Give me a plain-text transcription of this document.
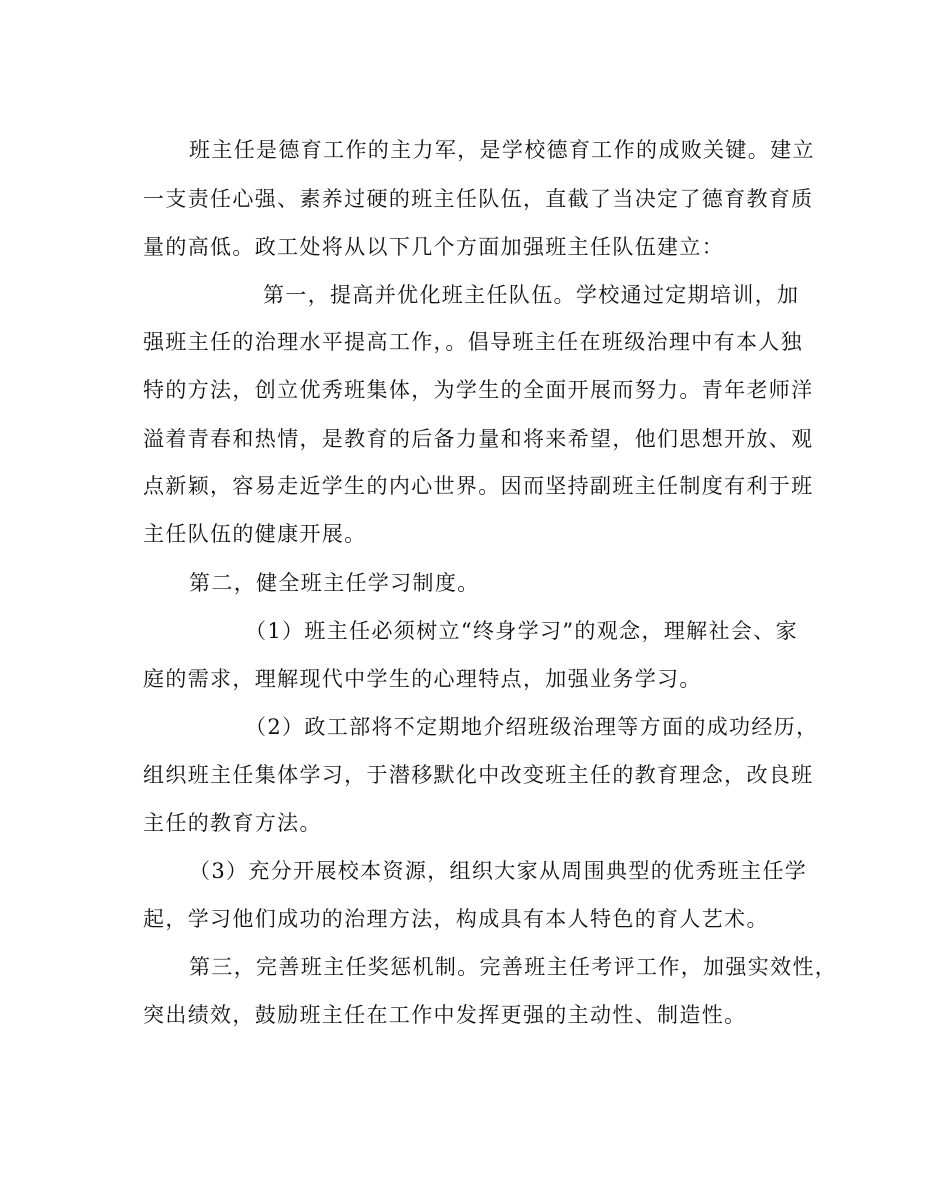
班主任是德育工作的主力军，是学校德育工作的成败关键。建立
一支责任心强、素养过硬的班主任队伍，直截了当决定了德育教育质
量的高低。政工处将从以下几个方面加强班主任队伍建立：
第一，提高并优化班主任队伍。学校通过定期培训，加
强班主任的治理水平提高工作，。倡导班主任在班级治理中有本人独
特的方法，创立优秀班集体，为学生的全面开展而努力。青年老师洋
溢着青春和热情，是教育的后备力量和将来希望，他们思想开放、观
点新颖，容易走近学生的内心世界。因而坚持副班主任制度有利于班
主任队伍的健康开展。
第二，健全班主任学习制度。
（1）班主任必须树立“终身学习”的观念，理解社会、家
庭的需求，理解现代中学生的心理特点，加强业务学习。
（2）政工部将不定期地介绍班级治理等方面的成功经历，
组织班主任集体学习，于潜移默化中改变班主任的教育理念，改良班
主任的教育方法。
（3）充分开展校本资源，组织大家从周围典型的优秀班主任学
起，学习他们成功的治理方法，构成具有本人特色的育人艺术。
第三，完善班主任奖惩机制。完善班主任考评工作，加强实效性，
突出绩效，鼓励班主任在工作中发挥更强的主动性、制造性。
